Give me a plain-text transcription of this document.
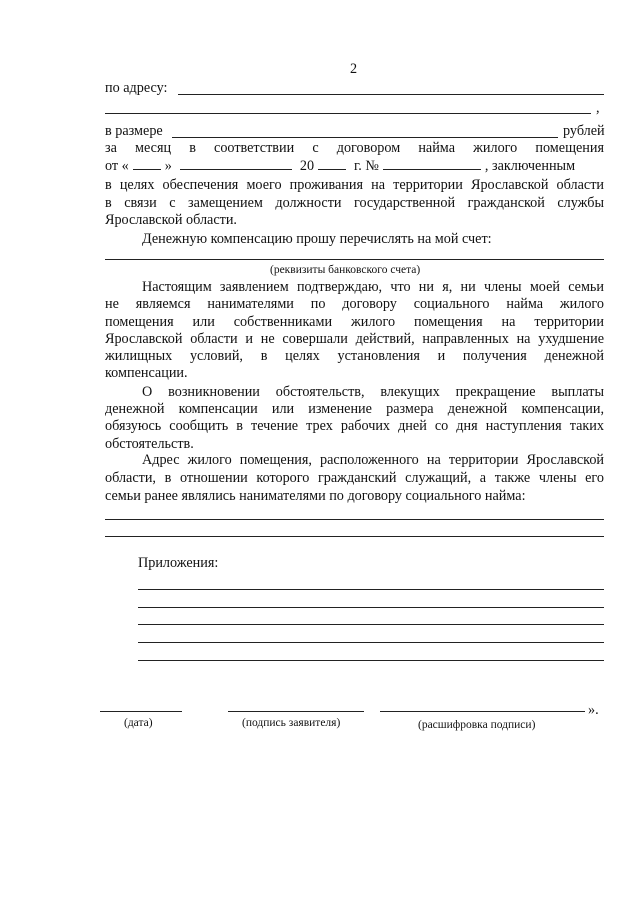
2
по адресу:
,
в размере	рублей
за месяц в соответствии с договором найма жилого помещения
от «	»	20	г. №	, заключенным
в целях обеспечения моего проживания на территории Ярославской области
в связи с замещением должности государственной гражданской службы
Ярославской области.
Денежную компенсацию прошу перечислять на мой счет:
(реквизиты банковского счета)
Настоящим заявлением подтверждаю, что ни я, ни члены моей семьи
не являемся нанимателями по договору социального найма жилого
помещения или собственниками жилого помещения на территории
Ярославской области и не совершали действий, направленных на ухудшение
жилищных условий, в целях установления и получения денежной
компенсации.
О возникновении обстоятельств, влекущих прекращение выплаты
денежной компенсации или изменение размера денежной компенсации,
обязуюсь сообщить в течение трех рабочих дней со дня наступления таких
обстоятельств.
Адрес жилого помещения, расположенного на территории Ярославской
области, в отношении которого гражданский служащий, а также члены его
семьи ранее являлись нанимателями по договору социального найма:
Приложения:
».
(дата)	(подпись заявителя)	(расшифровка подписи)
